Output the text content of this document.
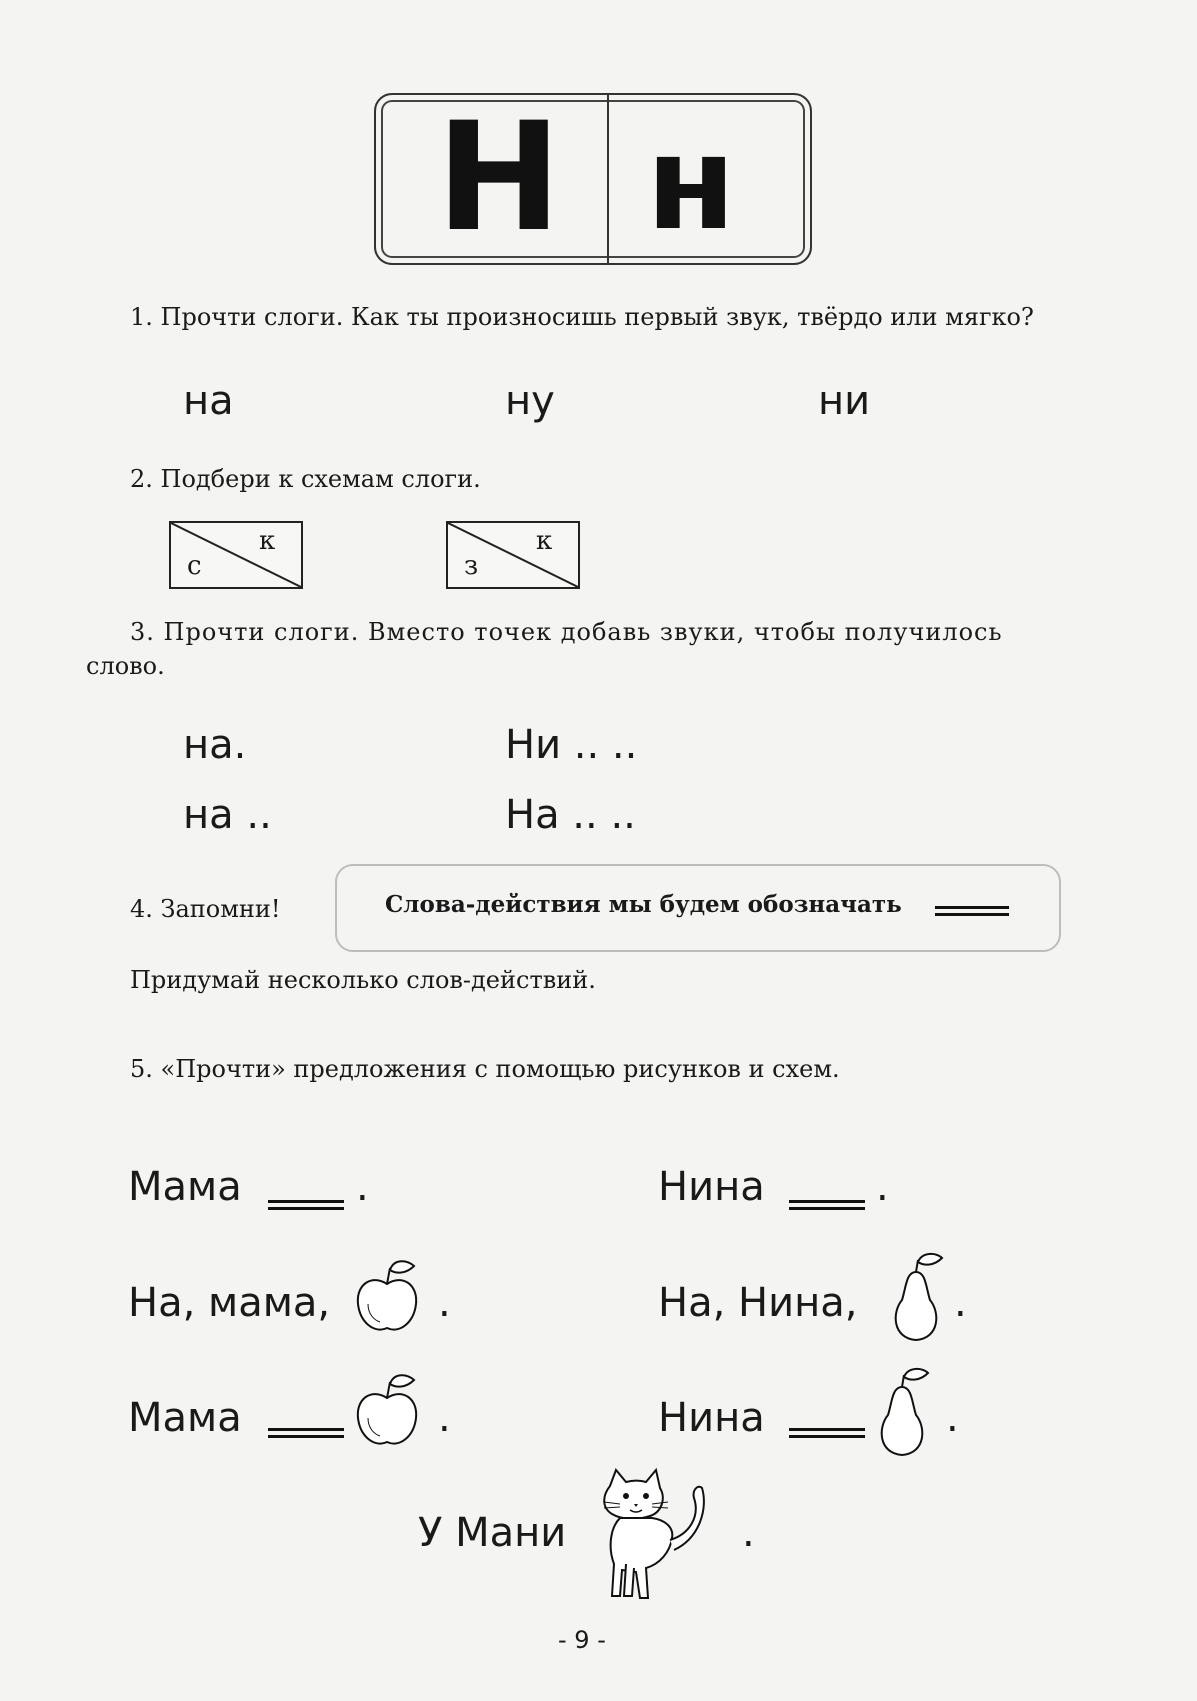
Н н
1. Прочти слоги. Как ты произносишь первый звук, твёрдо или мягко?
на	ну	ни
2. Подбери к схемам слоги.
с
к
з
к
3. Прочти слоги. Вместо точек добавь звуки, чтобы получилось
слово.
на.	Ни .. ..
на ..	На .. ..
4. Запомни!	Слова-действия мы будем обозначать
Придумай несколько слов-действий.
5. «Прочти» предложения с помощью рисунков и схем.
Мама	.	Нина	.
На, мама,	.	На, Нина, .
Мама	.	Нина	.
У Мани	.
- 9 -
